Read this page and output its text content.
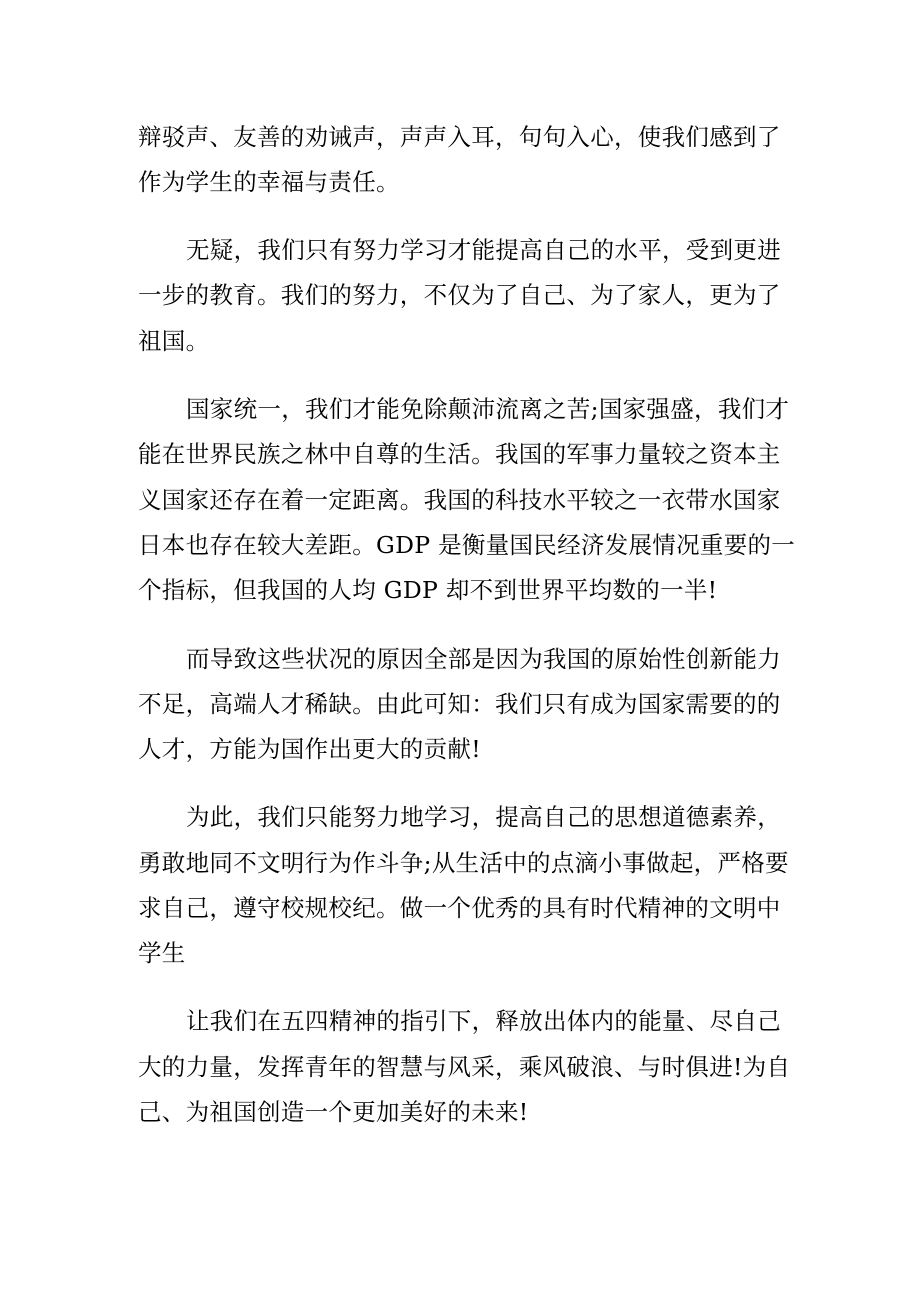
辩驳声、友善的劝诫声，声声入耳，句句入心，使我们感到了
作为学生的幸福与责任。
无疑，我们只有努力学习才能提高自己的水平，受到更进
一步的教育。我们的努力，不仅为了自己、为了家人，更为了
祖国。
国家统一，我们才能免除颠沛流离之苦;国家强盛，我们才
能在世界民族之林中自尊的生活。我国的军事力量较之资本主
义国家还存在着一定距离。我国的科技水平较之一衣带水国家
日本也存在较大差距。GDP 是衡量国民经济发展情况重要的一
个指标，但我国的人均 GDP 却不到世界平均数的一半!
而导致这些状况的原因全部是因为我国的原始性创新能力
不足，高端人才稀缺。由此可知：我们只有成为国家需要的的
人才，方能为国作出更大的贡献!
为此，我们只能努力地学习，提高自己的思想道德素养，
勇敢地同不文明行为作斗争;从生活中的点滴小事做起，严格要
求自己，遵守校规校纪。做一个优秀的具有时代精神的文明中
学生
让我们在五四精神的指引下，释放出体内的能量、尽自己
大的力量，发挥青年的智慧与风采，乘风破浪、与时俱进!为自
己、为祖国创造一个更加美好的未来!
